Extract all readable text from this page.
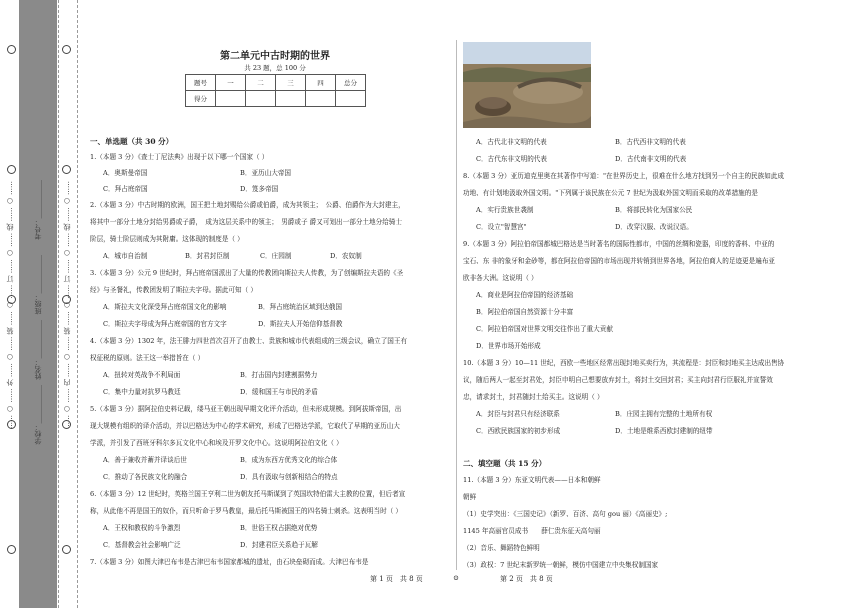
…… ○ …… 外 …… ○ …… 装 …… ○ …… 订 …… ○ …… 线 …… ○ ……	…… ○ …… 内 …… ○ …… 装 …… ○ …… 订 …… ○ …… 线 …… ○ ……
学校：___________
姓名：___________
班级：___________
考号：___________
第二单元中古时期的世界
共 23 题，总 100 分
题号	一	二	三	四	总分
得分					
一、单选题（共 30 分）
1.（本题 3 分）《查士丁尼法典》出现于以下哪一个国家（ ）
A．奥斯曼帝国	B．亚历山大帝国
C．拜占庭帝国	D．笈多帝国
2.（本题 3 分）中古时期的欧洲，国王把土地封赐给公爵或伯爵，成为其领主；　公爵、伯爵作为大封建主，
将其中一部分土地分封给男爵或子爵，　成为这层关系中的领主；　男爵或子 爵又可划出一部分土地分给骑士
阶层，骑士阶层则成为其附庸。这体现的制度是（ ）
A．城市自治制	B．封君封臣制	C．庄园制	D．农奴制
3.（本题 3 分）公元 9 世纪时，拜占庭帝国派出了大量的传教团向斯拉夫人传教，为了创编斯拉夫语的《圣
经》与圣餐礼，传教团发明了斯拉夫字母。据此可知（ ）
A．斯拉夫文化深受拜占庭帝国文化的影响	B．拜占庭统治区域到达俄国
C．斯拉夫字母成为拜占庭帝国的官方文字	D．斯拉夫人开始信仰基督教
4.（本题 3 分）1302 年，法王腓力四世首次召开了由教士、贵族和城市代表组成的三级会议，确立了国王有
权征税的原则。法王这一举措旨在（ ）
A．扭转对英战争不利局面	B．打击国内封建割据势力
C．集中力量对抗罗马教廷	D．缓和国王与市民的矛盾
5.（本题 3 分）据阿拉伯史料记载，缕马亚王朝出现早期文化评介活动，但未形成规模。到阿拔斯帝国，出
现大规模有组织的译介活动，并以巴格达为中心的学术研究，形成了巴格达学派，它取代了早期的亚历山大
学派，并引发了西班牙科尔多瓦文化中心和埃及开罗文化中心。这说明阿拉伯文化（ ）
A．善于兼收并蓄并译谈后世	B．成为东西方优秀文化的综合体
C．推动了各民族文化的融合	D．具有汲取与创新相结合的特点
6.（本题 3 分）12 世纪时，英格兰国王亨利二世为朝友托马斯谋到了英国坎特伯雷大主教的位置，但后者宣
称，从此他不再是国王的奴仆，而只听命于罗马教皇，最后托马斯被国王的四名骑士刺杀。这表明当时（ ）
A．王权和教权的斗争激烈	B．世俗王权占据绝对优势
C．基督教会社会影响广泛	D．封建君臣关系趋于瓦解
7.（本题 3 分）如图大津巴布韦是古津巴布韦国家都城的遗址，由石块垒砌而成。大津巴布韦是
第 1 页　共 8 页	⊙	第 2 页　共 8 页
A．古代北非文明的代表	B．古代西非文明的代表
C．古代东非文明的代表	D．古代南非文明的代表
8.（本题 3 分）亚历迪克里奥在其著作中写道："在世界历史上，很难在什么地方找到另一个自主的民族如此成
功地、有计划地汲取外国文明。"下列属于该民族在公元 7 世纪为汲取外国文明而采取的改革措施的是
A．实行贵族世袭制	B．将部民转化为国家公民
C．设立"智慧宫"	D．改穿汉服、改说汉语。
9.（本题 3 分）阿拉伯帝国都城巴格达是当时著名的国际性都市，中国的丝绸和瓷器，印度的香料、中亚的
宝石、东 非的象牙和金砂等，都在阿拉伯帝国的市场出现并转销到世界各地，阿拉伯商人的足迹更是遍布亚
欧非各大洲。这说明（ ）
A．商业是阿拉伯帝国的经济基础
B．阿拉伯帝国自然资源十分丰富
C．阿拉伯帝国对世界文明交往作出了重大贡献
D．世界市场开始形成
10.（本题 3 分）10—11 世纪，西欧一些地区经常出现封地买卖行为，其流程是：封臣和封地买主达成出售协
议，随后两人一起至封君处，封臣申明自己想要放弃封土，将封土交回封君；买主向封君行臣服礼并宣誓效
忠，请求封土，封君随封土给买主。这说明（ ）
A．封臣与封君只有经济联系	B．庄园主拥有完整的土地所有权
C．西欧民族国家的初步形成	D．土地是维系西欧封建制的纽带
二、填空题（共 15 分）
11.（本题 3 分）东亚文明代表——日本和朝鲜
朝鲜
（1）史学突出：《三国史记》（新罗、百济、高句 gou 丽）《高丽史》;
1145 年高丽官员成书　　薛仁贵东征天高句丽
（2）音乐、舞蹈特色鲜明
（3）政权：7 世纪末新罗统一朝鲜，模仿中国建立中央集权制国家
